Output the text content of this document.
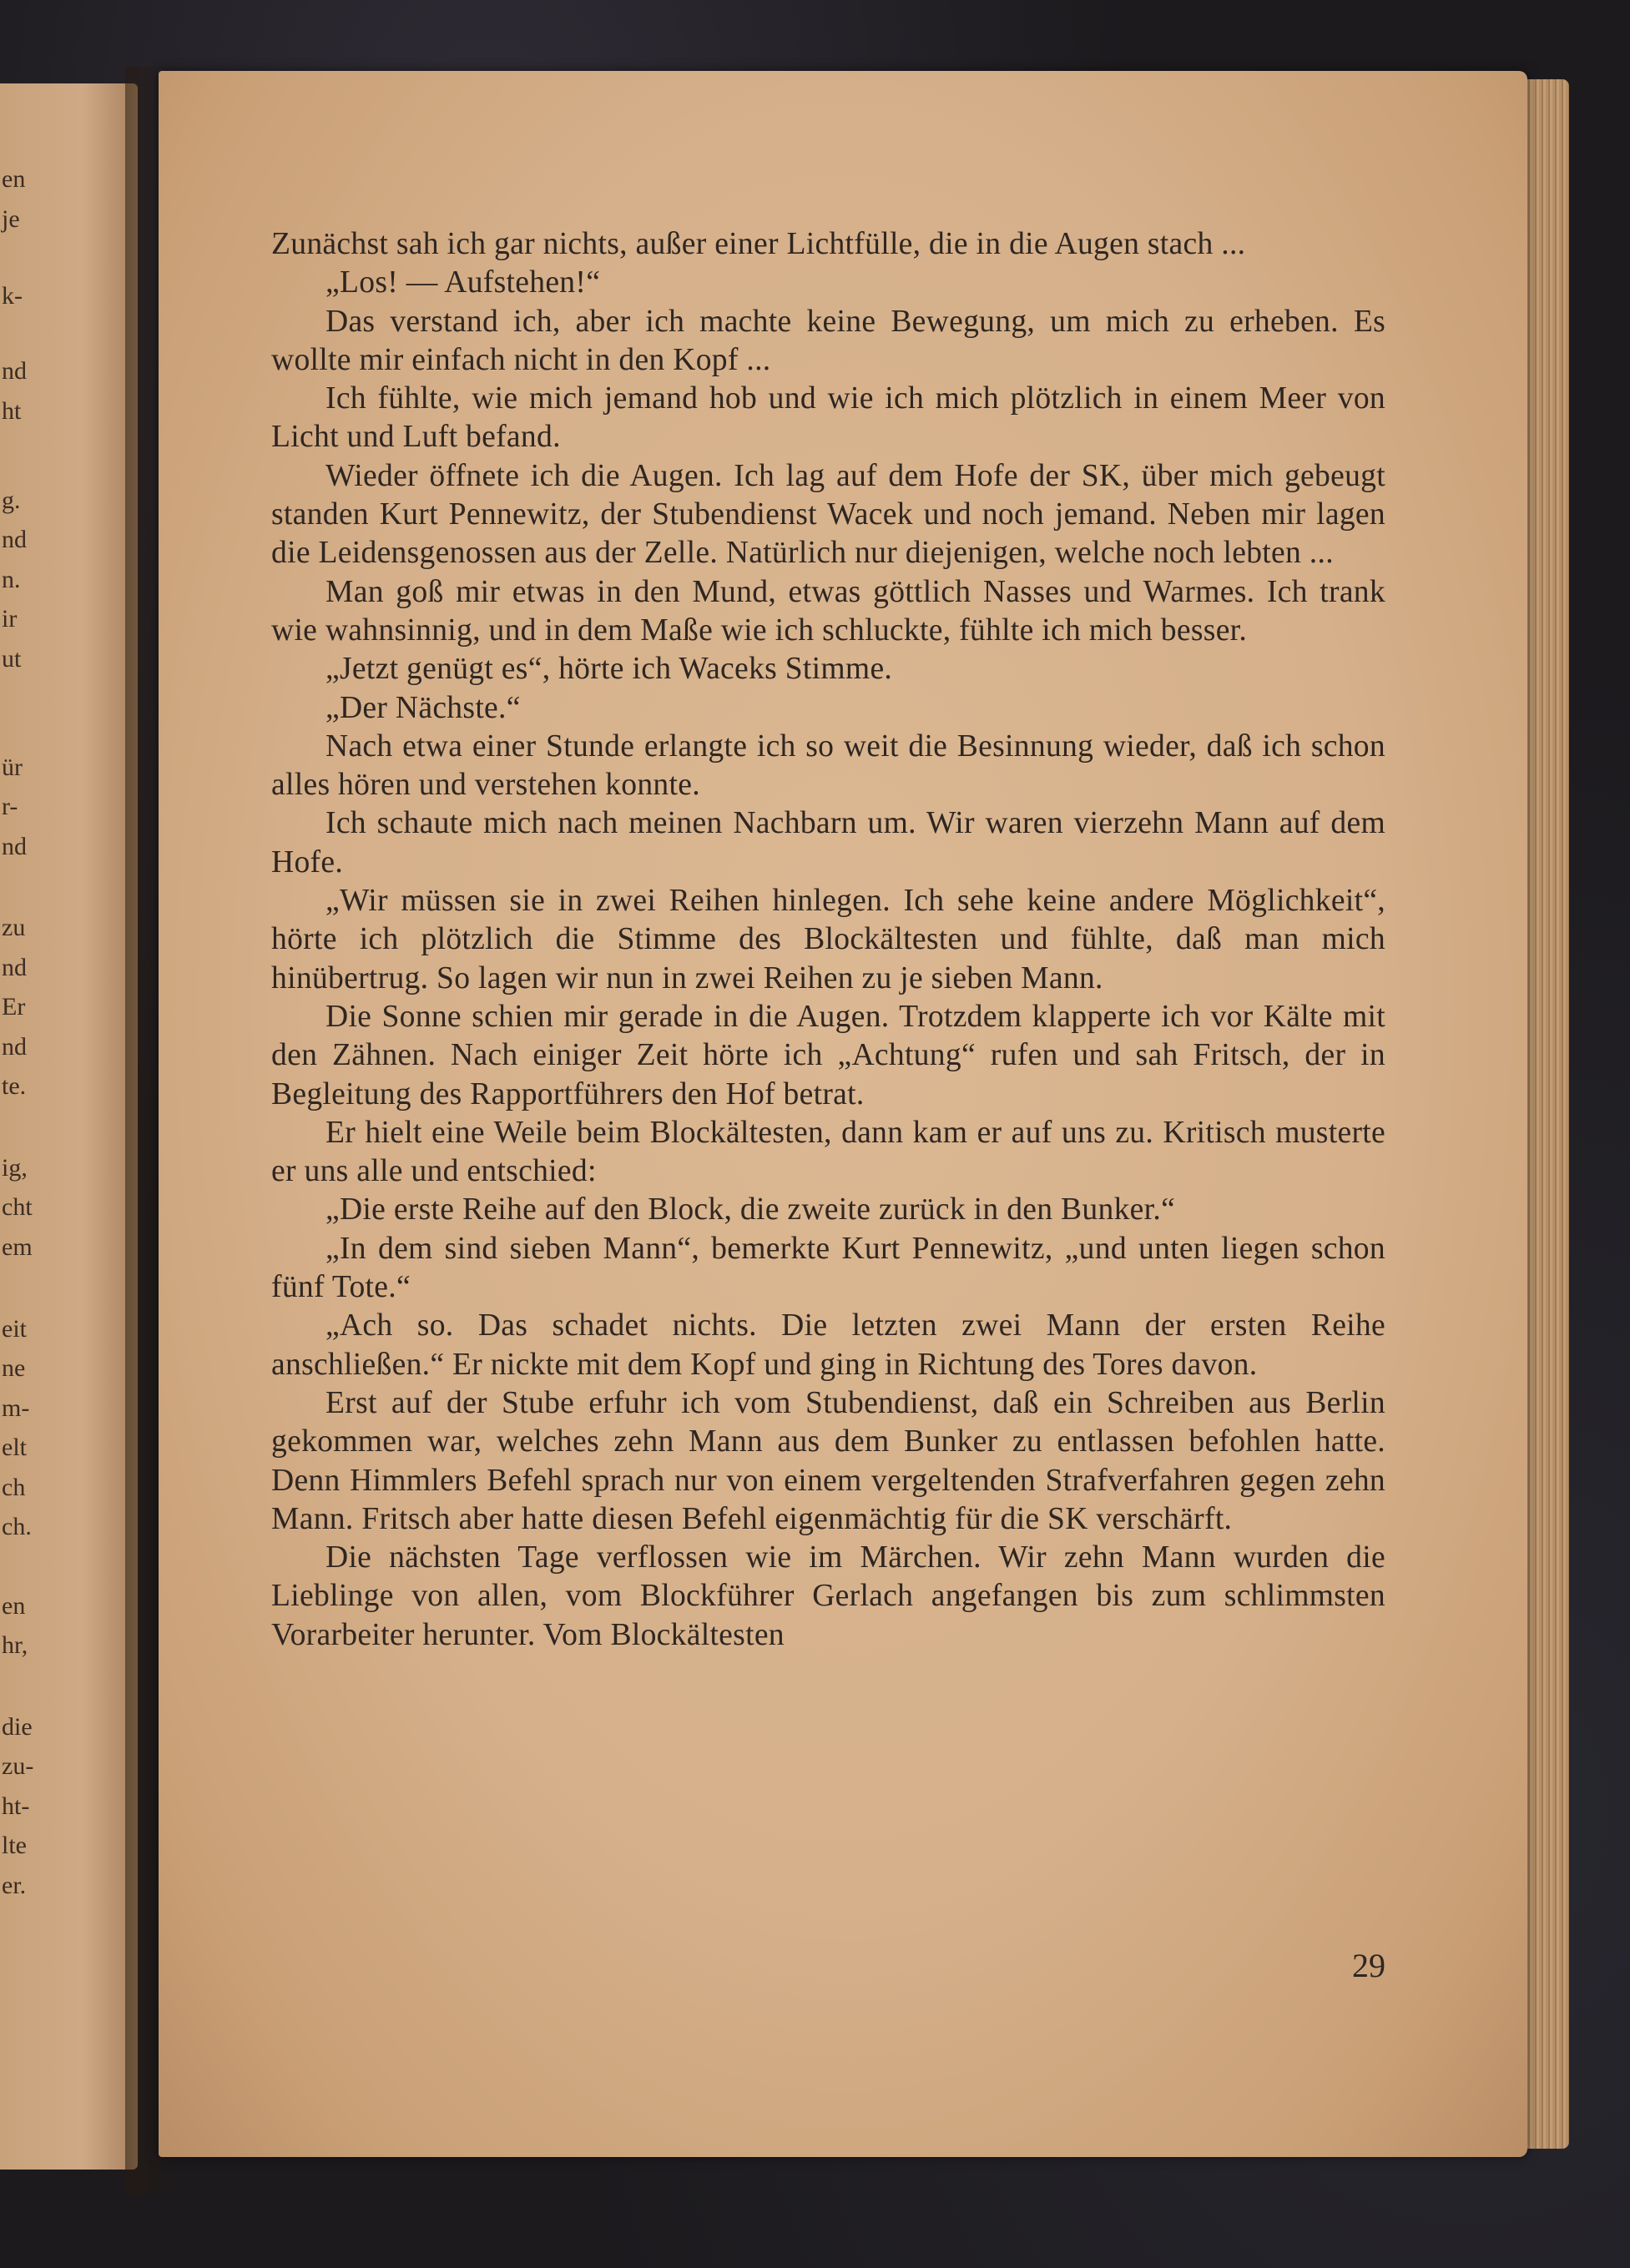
en
je
k-
nd
ht
g.
nd
n.
ir
ut
ür
r-
nd
zu
nd
Er
nd
te.
ig,
cht
em
eit
ne
m-
elt
ch
ch.
en
hr,
die
zu-
ht-
lte
er.

Zunächst sah ich gar nichts, außer einer Lichtfülle, die in die Augen stach ...

„Los! — Aufstehen!“

Das verstand ich, aber ich machte keine Bewegung, um mich zu erheben. Es wollte mir einfach nicht in den Kopf ...

Ich fühlte, wie mich jemand hob und wie ich mich plötzlich in einem Meer von Licht und Luft befand.

Wieder öffnete ich die Augen. Ich lag auf dem Hofe der SK, über mich gebeugt standen Kurt Pennewitz, der Stubendienst Wacek und noch jemand. Neben mir lagen die Leidensgenossen aus der Zelle. Natürlich nur diejenigen, welche noch lebten ...

Man goß mir etwas in den Mund, etwas göttlich Nasses und Warmes. Ich trank wie wahnsinnig, und in dem Maße wie ich schluckte, fühlte ich mich besser.

„Jetzt genügt es“, hörte ich Waceks Stimme.

„Der Nächste.“

Nach etwa einer Stunde erlangte ich so weit die Besinnung wieder, daß ich schon alles hören und verstehen konnte.

Ich schaute mich nach meinen Nachbarn um. Wir waren vierzehn Mann auf dem Hofe.

„Wir müssen sie in zwei Reihen hinlegen. Ich sehe keine andere Möglichkeit“, hörte ich plötzlich die Stimme des Blockältesten und fühlte, daß man mich hinübertrug. So lagen wir nun in zwei Reihen zu je sieben Mann.

Die Sonne schien mir gerade in die Augen. Trotzdem klapperte ich vor Kälte mit den Zähnen. Nach einiger Zeit hörte ich „Achtung“ rufen und sah Fritsch, der in Begleitung des Rapportführers den Hof betrat.

Er hielt eine Weile beim Blockältesten, dann kam er auf uns zu. Kritisch musterte er uns alle und entschied:

„Die erste Reihe auf den Block, die zweite zurück in den Bunker.“

„In dem sind sieben Mann“, bemerkte Kurt Pennewitz, „und unten liegen schon fünf Tote.“

„Ach so. Das schadet nichts. Die letzten zwei Mann der ersten Reihe anschließen.“ Er nickte mit dem Kopf und ging in Richtung des Tores davon.

Erst auf der Stube erfuhr ich vom Stubendienst, daß ein Schreiben aus Berlin gekommen war, welches zehn Mann aus dem Bunker zu entlassen befohlen hatte. Denn Himmlers Befehl sprach nur von einem vergeltenden Strafverfahren gegen zehn Mann. Fritsch aber hatte diesen Befehl eigenmächtig für die SK verschärft.

Die nächsten Tage verflossen wie im Märchen. Wir zehn Mann wurden die Lieblinge von allen, vom Blockführer Gerlach angefangen bis zum schlimmsten Vorarbeiter herunter. Vom Blockältesten

29
